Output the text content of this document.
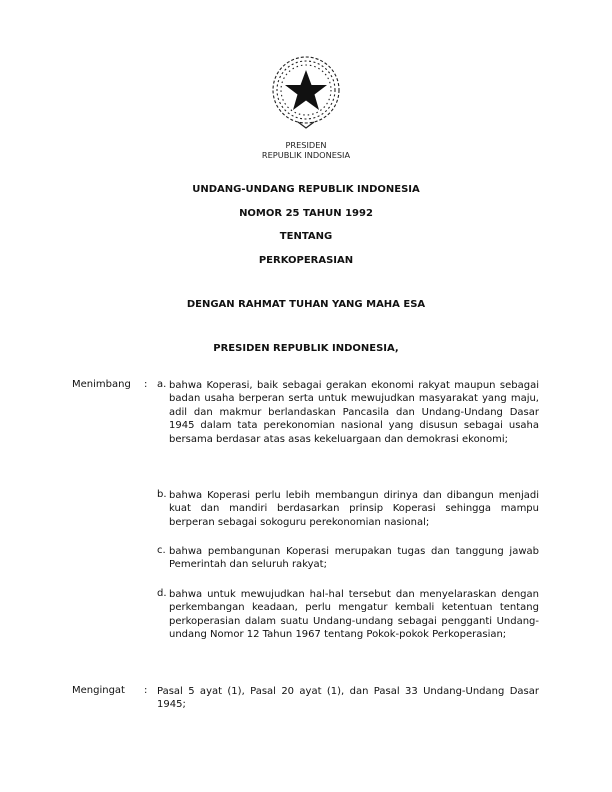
PRESIDEN
REPUBLIK INDONESIA
UNDANG-UNDANG REPUBLIK INDONESIA
NOMOR 25 TAHUN 1992
TENTANG
PERKOPERASIAN
DENGAN RAHMAT TUHAN YANG MAHA ESA
PRESIDEN REPUBLIK INDONESIA,
Menimbang : a. bahwa Koperasi, baik sebagai gerakan ekonomi rakyat maupun sebagai badan usaha berperan serta untuk mewujudkan masyarakat yang maju, adil dan makmur berlandaskan Pancasila dan Undang-Undang Dasar 1945 dalam tata perekonomian nasional yang disusun sebagai usaha bersama berdasar atas asas kekeluargaan dan demokrasi ekonomi;
b. bahwa Koperasi perlu lebih membangun dirinya dan dibangun menjadi kuat dan mandiri berdasarkan prinsip Koperasi sehingga mampu berperan sebagai sokoguru perekonomian nasional;
c. bahwa pembangunan Koperasi merupakan tugas dan tanggung jawab Pemerintah dan seluruh rakyat;
d. bahwa untuk mewujudkan hal-hal tersebut dan menyelaraskan dengan perkembangan keadaan, perlu mengatur kembali ketentuan tentang perkoperasian dalam suatu Undang-undang sebagai pengganti Undang-undang Nomor 12 Tahun 1967 tentang Pokok-pokok Perkoperasian;
Mengingat : Pasal 5 ayat (1), Pasal 20 ayat (1), dan Pasal 33 Undang-Undang Dasar 1945;
